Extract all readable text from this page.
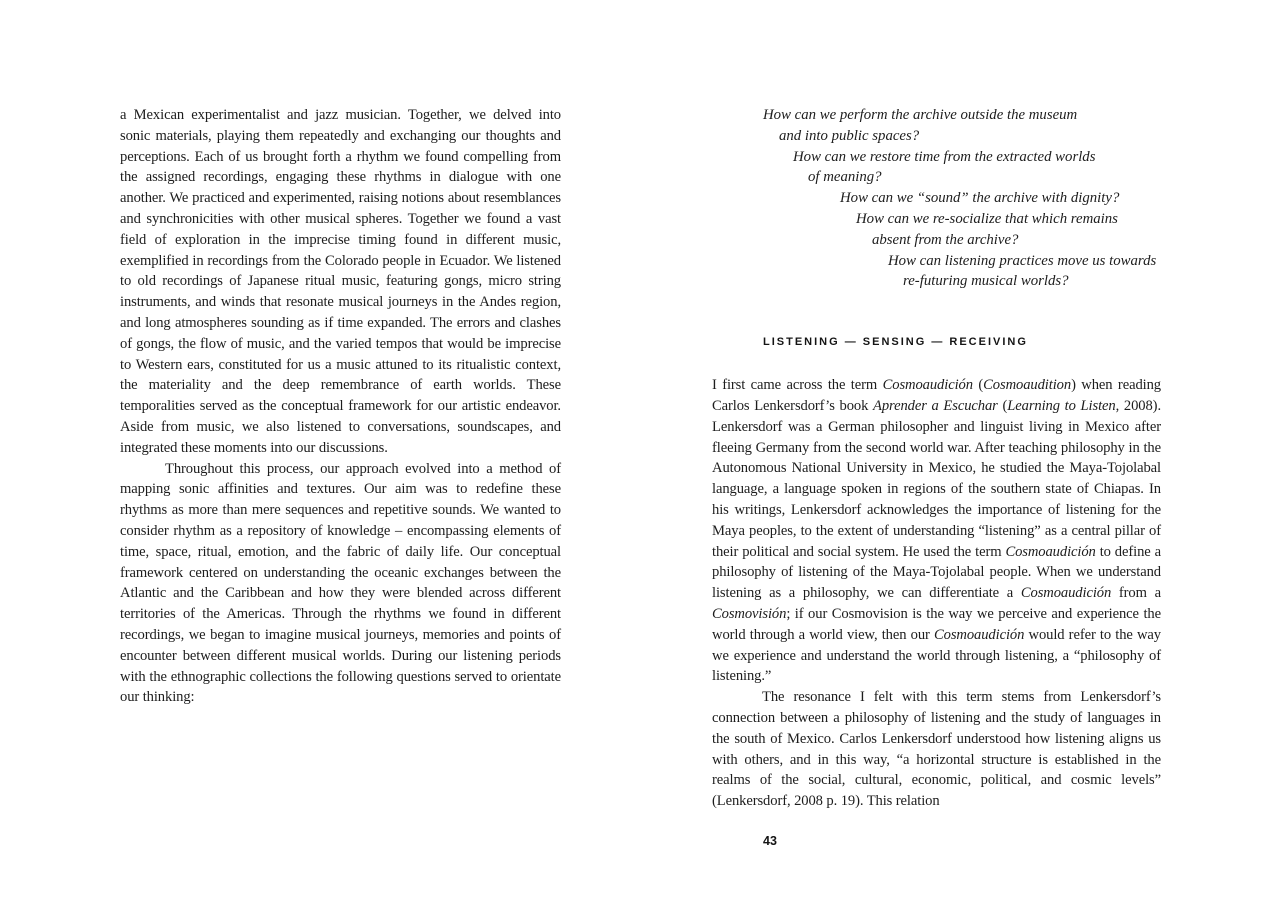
a Mexican experimentalist and jazz musician. Together, we delved into sonic materials, playing them repeatedly and exchanging our thoughts and perceptions. Each of us brought forth a rhythm we found compelling from the assigned recordings, engaging these rhythms in dialogue with one another. We practiced and experimented, raising notions about resemblances and synchronicities with other musical spheres. Together we found a vast field of exploration in the imprecise timing found in different music, exemplified in recordings from the Colorado people in Ecuador. We listened to old recordings of Japanese ritual music, featuring gongs, micro string instruments, and winds that resonate musical journeys in the Andes region, and long atmospheres sounding as if time expanded. The errors and clashes of gongs, the flow of music, and the varied tempos that would be imprecise to Western ears, constituted for us a music attuned to its ritualistic context, the materiality and the deep remembrance of earth worlds. These temporalities served as the conceptual framework for our artistic endeavor. Aside from music, we also listened to conversations, soundscapes, and integrated these moments into our discussions.

Throughout this process, our approach evolved into a method of mapping sonic affinities and textures. Our aim was to redefine these rhythms as more than mere sequences and repetitive sounds. We wanted to consider rhythm as a repository of knowledge – encompassing elements of time, space, ritual, emotion, and the fabric of daily life. Our conceptual framework centered on understanding the oceanic exchanges between the Atlantic and the Caribbean and how they were blended across different territories of the Americas. Through the rhythms we found in different recordings, we began to imagine musical journeys, memories and points of encounter between different musical worlds. During our listening periods with the ethnographic collections the following questions served to orientate our thinking:

How can we perform the archive outside the museum
and into public spaces?
How can we restore time from the extracted worlds
of meaning?
How can we “sound” the archive with dignity?
How can we re-socialize that which remains
absent from the archive?
How can listening practices move us towards
re-futuring musical worlds?
LISTENING — SENSING — RECEIVING

I first came across the term Cosmoaudición (Cosmoaudition) when reading Carlos Lenkersdorf’s book Aprender a Escuchar (Learning to Listen, 2008). Lenkersdorf was a German philosopher and linguist living in Mexico after fleeing Germany from the second world war. After teaching philosophy in the Autonomous National University in Mexico, he studied the Maya-Tojolabal language, a language spoken in regions of the southern state of Chiapas. In his writings, Lenkersdorf acknowledges the importance of listening for the Maya peoples, to the extent of understanding “listening” as a central pillar of their political and social system. He used the term Cosmoaudición to define a philosophy of listening of the Maya-Tojolabal people. When we understand listening as a philosophy, we can differentiate a Cosmoaudición from a Cosmovisión; if our Cosmovision is the way we perceive and experience the world through a world view, then our Cosmoaudición would refer to the way we experience and understand the world through listening, a “philosophy of listening.”

The resonance I felt with this term stems from Lenkersdorf’s connection between a philosophy of listening and the study of languages in the south of Mexico. Carlos Lenkersdorf understood how listening aligns us with others, and in this way, “a horizontal structure is established in the realms of the social, cultural, economic, political, and cosmic levels” (Lenkersdorf, 2008 p. 19). This relation

43
